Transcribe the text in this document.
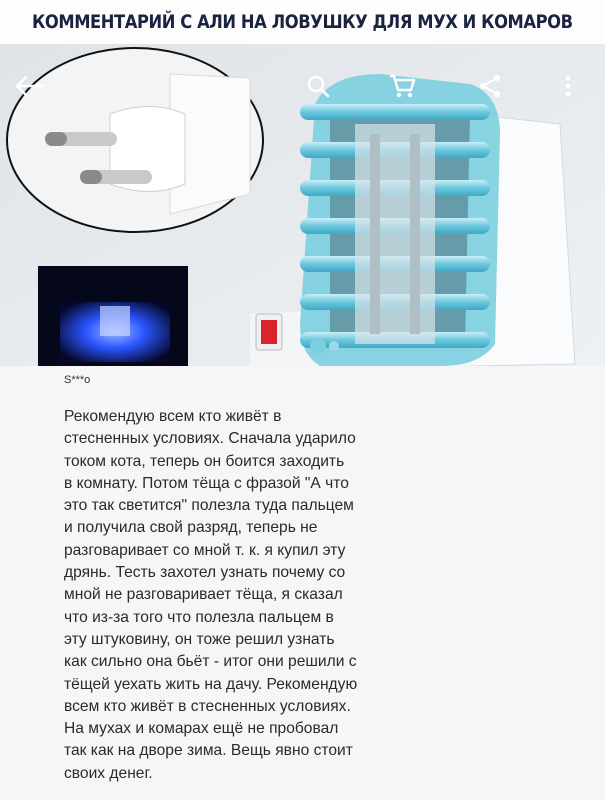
КОММЕНТАРИЙ С АЛИ НА ЛОВУШКУ ДЛЯ МУХ И КОМАРОВ
S***o

Рекомендую всем кто живёт в
стесненных условиях. Сначала ударило
током кота, теперь он боится заходить
в комнату. Потом тёща с фразой "А что
это так светится" полезла туда пальцем
и получила свой разряд, теперь не
разговаривает со мной т. к. я купил эту
дрянь. Тесть захотел узнать почему со
мной не разговаривает тёща, я сказал
что из-за того что полезла пальцем в
эту штуковину, он тоже решил узнать
как сильно она бьёт - итог они решили с
тёщей уехать жить на дачу. Рекомендую
всем кто живёт в стесненных условиях.
На мухах и комарах ещё не пробовал
так как на дворе зима. Вещь явно стоит
своих денег.
